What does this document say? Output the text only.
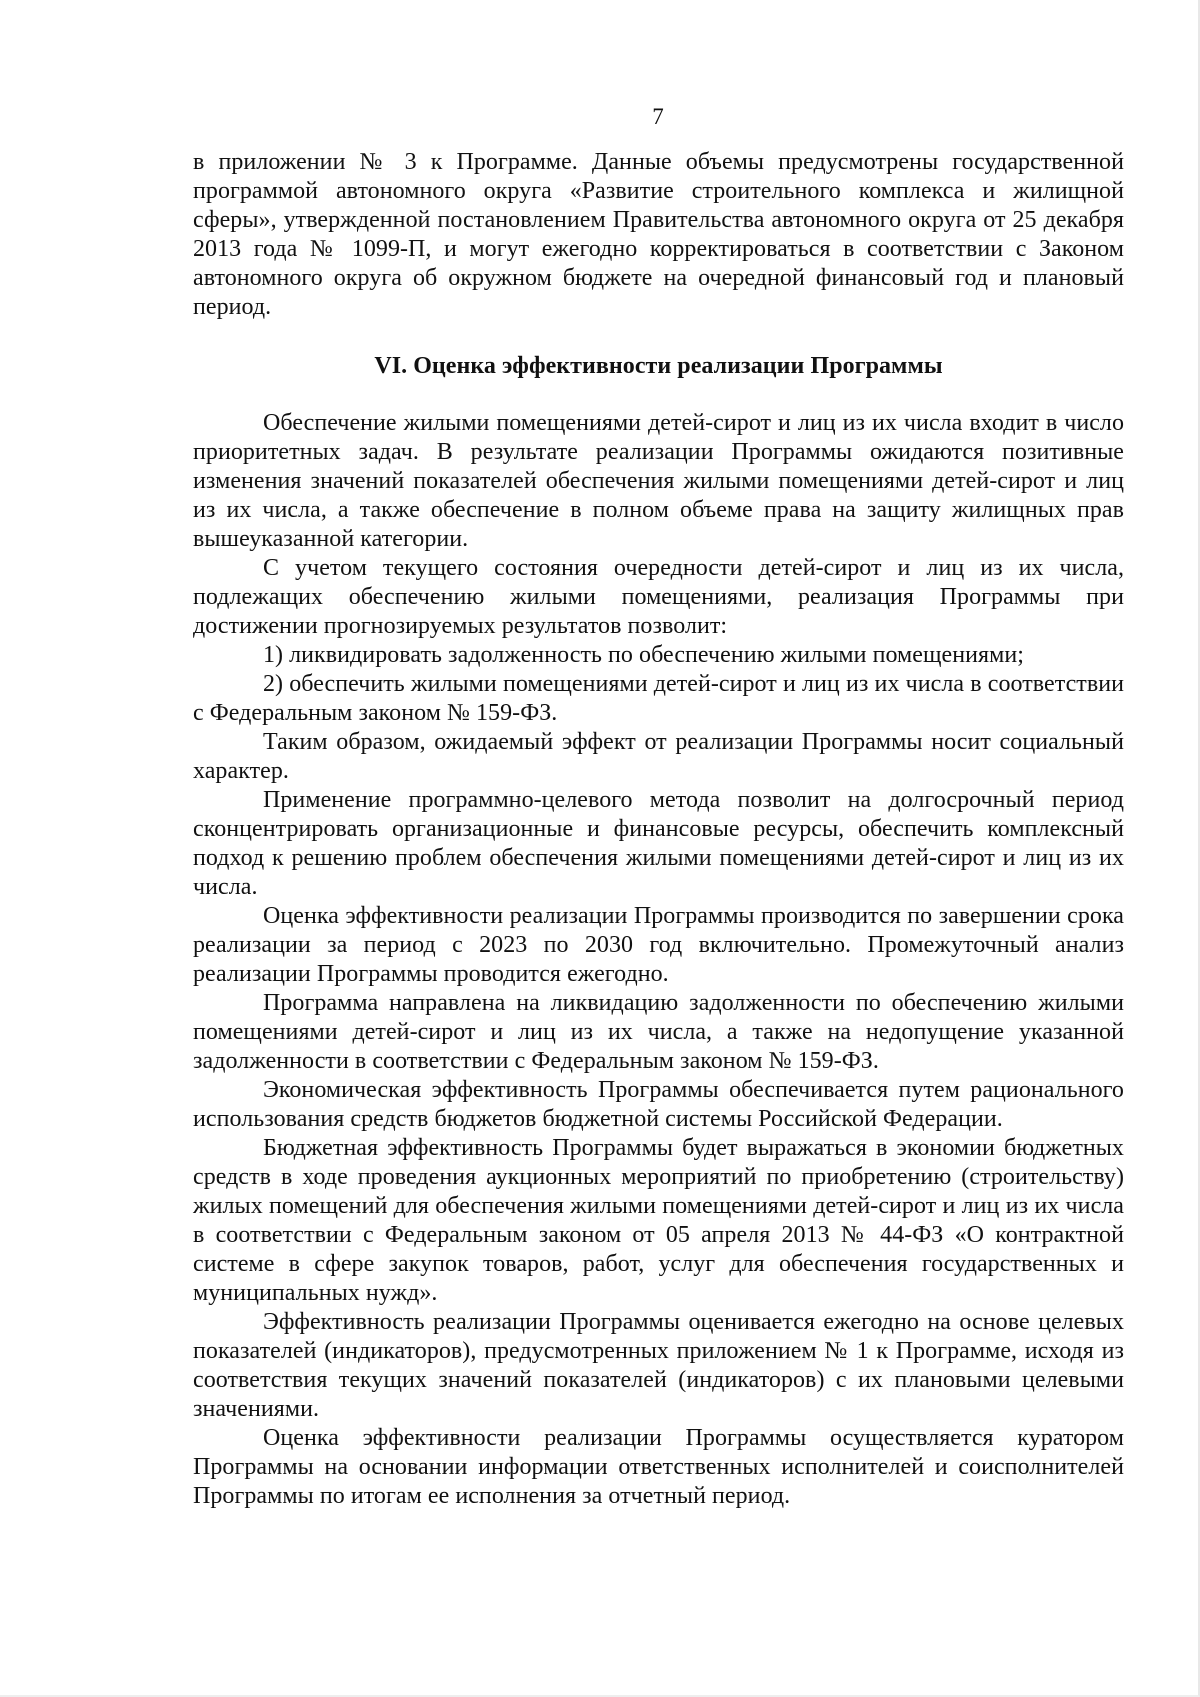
7

в приложении № 3 к Программе. Данные объемы предусмотрены государственной программой автономного округа «Развитие строительного комплекса и жилищной сферы», утвержденной постановлением Правительства автономного округа от 25 декабря 2013 года № 1099-П, и могут ежегодно корректироваться в соответствии с Законом автономного округа об окружном бюджете на очередной финансовый год и плановый период.

VI. Оценка эффективности реализации Программы

Обеспечение жилыми помещениями детей-сирот и лиц из их числа входит в число приоритетных задач. В результате реализации Программы ожидаются позитивные изменения значений показателей обеспечения жилыми помещениями детей-сирот и лиц из их числа, а также обеспечение в полном объеме права на защиту жилищных прав вышеуказанной категории.

С учетом текущего состояния очередности детей-сирот и лиц из их числа, подлежащих обеспечению жилыми помещениями, реализация Программы при достижении прогнозируемых результатов позволит:

1) ликвидировать задолженность по обеспечению жилыми помещениями;

2) обеспечить жилыми помещениями детей-сирот и лиц из их числа в соответствии с Федеральным законом № 159-ФЗ.

Таким образом, ожидаемый эффект от реализации Программы носит социальный характер.

Применение программно-целевого метода позволит на долгосрочный период сконцентрировать организационные и финансовые ресурсы, обеспечить комплексный подход к решению проблем обеспечения жилыми помещениями детей-сирот и лиц из их числа.

Оценка эффективности реализации Программы производится по завершении срока реализации за период с 2023 по 2030 год включительно. Промежуточный анализ реализации Программы проводится ежегодно.

Программа направлена на ликвидацию задолженности по обеспечению жилыми помещениями детей-сирот и лиц из их числа, а также на недопущение указанной задолженности в соответствии с Федеральным законом № 159-ФЗ.

Экономическая эффективность Программы обеспечивается путем рационального использования средств бюджетов бюджетной системы Российской Федерации.

Бюджетная эффективность Программы будет выражаться в экономии бюджетных средств в ходе проведения аукционных мероприятий по приобретению (строительству) жилых помещений для обеспечения жилыми помещениями детей-сирот и лиц из их числа в соответствии с Федеральным законом от 05 апреля 2013 № 44-ФЗ «О контрактной системе в сфере закупок товаров, работ, услуг для обеспечения государственных и муниципальных нужд».

Эффективность реализации Программы оценивается ежегодно на основе целевых показателей (индикаторов), предусмотренных приложением № 1 к Программе, исходя из соответствия текущих значений показателей (индикаторов) с их плановыми целевыми значениями.

Оценка эффективности реализации Программы осуществляется куратором Программы на основании информации ответственных исполнителей и соисполнителей Программы по итогам ее исполнения за отчетный период.
